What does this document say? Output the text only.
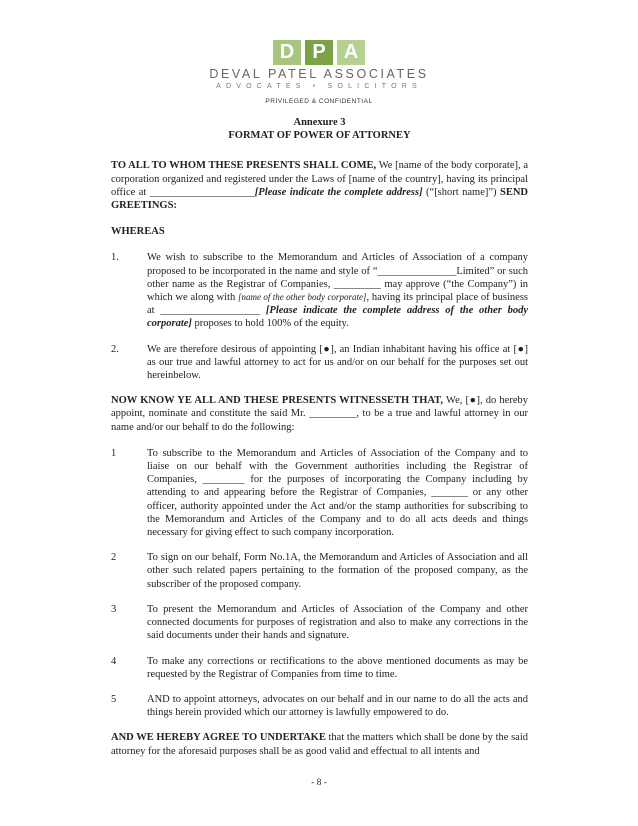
D P A
DEVAL PATEL ASSOCIATES
ADVOCATES • SOLICITORS
PRIVILEGED & CONFIDENTIAL
Annexure 3
FORMAT OF POWER OF ATTORNEY

TO ALL TO WHOM THESE PRESENTS SHALL COME, We [name of the body corporate], a corporation organized and registered under the Laws of [name of the country], having its principal office at ____________________[Please indicate the complete address] (“[short name]”) SEND GREETINGS:

WHEREAS

1.	We wish to subscribe to the Memorandum and Articles of Association of a company proposed to be incorporated in the name and style of “_______________Limited” or such other name as the Registrar of Companies, _________ may approve (“the Company”) in which we along with [name of the other body corporate], having its principal place of business at ___________________ [Please indicate the complete address of the other body corporate] proposes to hold 100% of the equity.
2.	We are therefore desirous of appointing [●], an Indian inhabitant having his office at [●] as our true and lawful attorney to act for us and/or on our behalf for the purposes set out hereinbelow.

NOW KNOW YE ALL AND THESE PRESENTS WITNESSETH THAT, We, [●], do hereby appoint, nominate and constitute the said Mr. _________, to be a true and lawful attorney in our name and/or our behalf to do the following:

1	To subscribe to the Memorandum and Articles of Association of the Company and to liaise on our behalf with the Government authorities including the Registrar of Companies, ________ for the purposes of incorporating the Company including by attending to and appearing before the Registrar of Companies, _______ or any other officer, authority appointed under the Act and/or the stamp authorities for subscribing to the Memorandum and Articles of the Company and to do all acts deeds and things necessary for giving effect to such company incorporation.
2	To sign on our behalf, Form No.1A, the Memorandum and Articles of Association and all other such related papers pertaining to the formation of the proposed company, as the subscriber of the proposed company.
3	To present the Memorandum and Articles of Association of the Company and other connected documents for purposes of registration and also to make any corrections in the said documents under their hands and signature.
4	To make any corrections or rectifications to the above mentioned documents as may be requested by the Registrar of Companies from time to time.
5	AND to appoint attorneys, advocates on our behalf and in our name to do all the acts and things herein provided which our attorney is lawfully empowered to do.

AND WE HEREBY AGREE TO UNDERTAKE that the matters which shall be done by the said attorney for the aforesaid purposes shall be as good valid and effectual to all intents and

- 8 -
